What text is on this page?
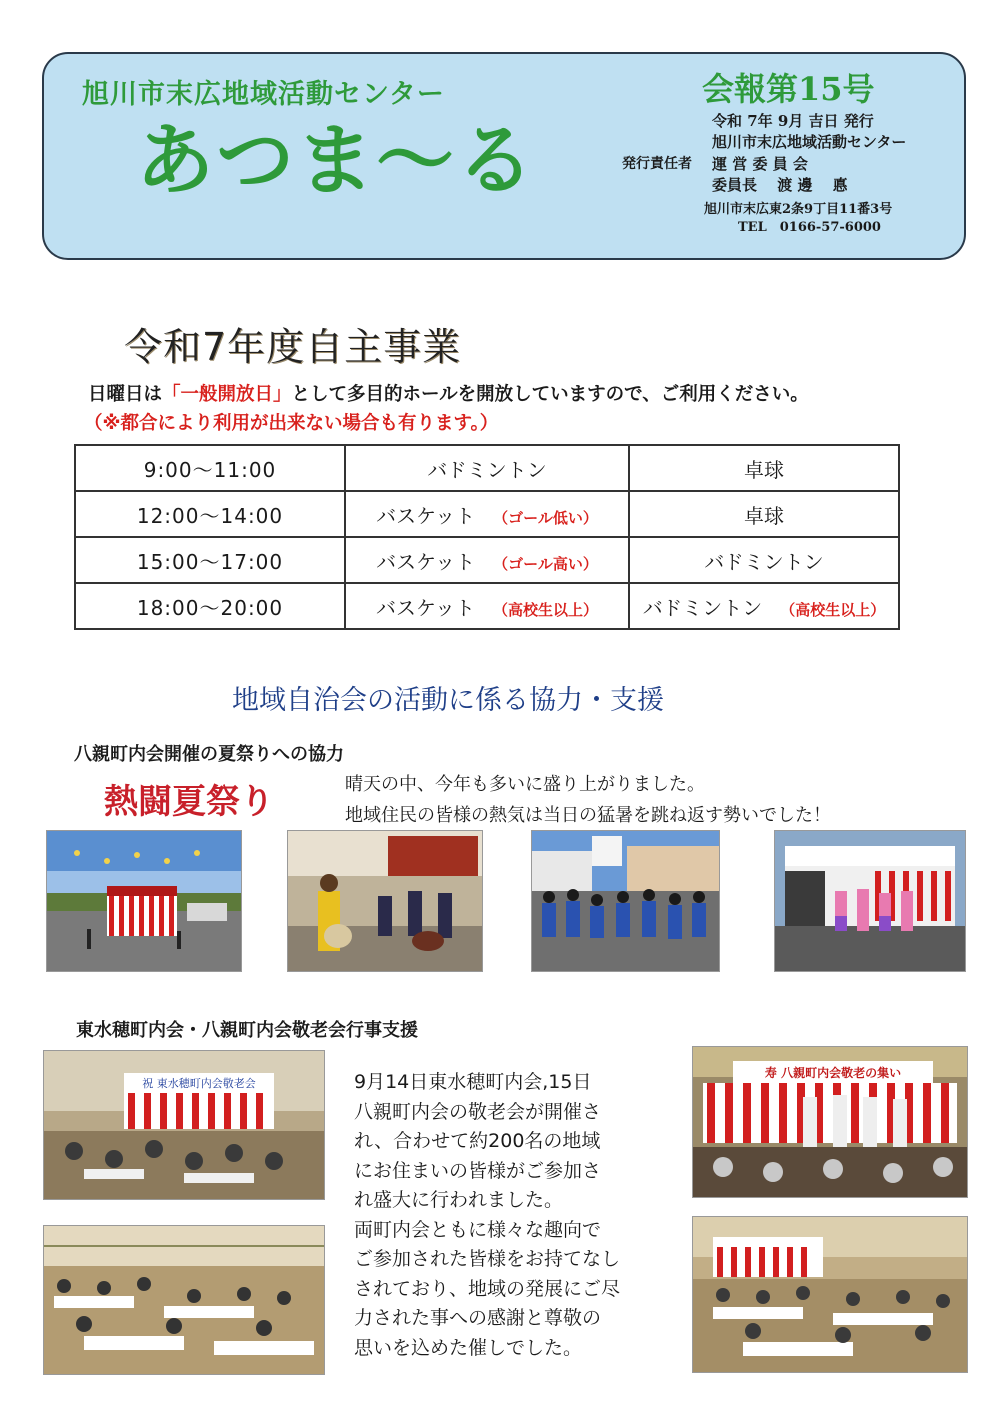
旭川市末広地域活動センター
あつま～る
会報第15号
令和 7年 9月 吉日 発行
旭川市末広地域活動センター
発行責任者 運 営 委 員 会
委員長　 渡 邊　 悳
旭川市末広東2条9丁目11番3号
TEL　0166-57-6000
令和7年度自主事業
日曜日は「一般開放日」として多目的ホールを開放していますので、ご利用ください。
（※都合により利用が出来ない場合も有ります。）
9:00～11:00	バドミントン	卓球
12:00～14:00	バスケット （ゴール低い）	卓球
15:00～17:00	バスケット （ゴール高い）	バドミントン
18:00～20:00	バスケット （高校生以上）	バドミントン （高校生以上）
地域自治会の活動に係る協力・支援
八親町内会開催の夏祭りへの協力
熱闘夏祭り	晴天の中、今年も多いに盛り上がりました。
地域住民の皆様の熱気は当日の猛暑を跳ね返す勢いでした！
東水穂町内会・八親町内会敬老会行事支援
祝 東水穂町内会敬老会	9月14日東水穂町内会,15日
八親町内会の敬老会が開催さ
れ、合わせて約200名の地域
にお住まいの皆様がご参加さ
れ盛大に行われました。
両町内会ともに様々な趣向で
ご参加された皆様をお持てなし
されており、地域の発展にご尽
力された事への感謝と尊敬の
思いを込めた催しでした。
寿 八親町内会敬老の集い
